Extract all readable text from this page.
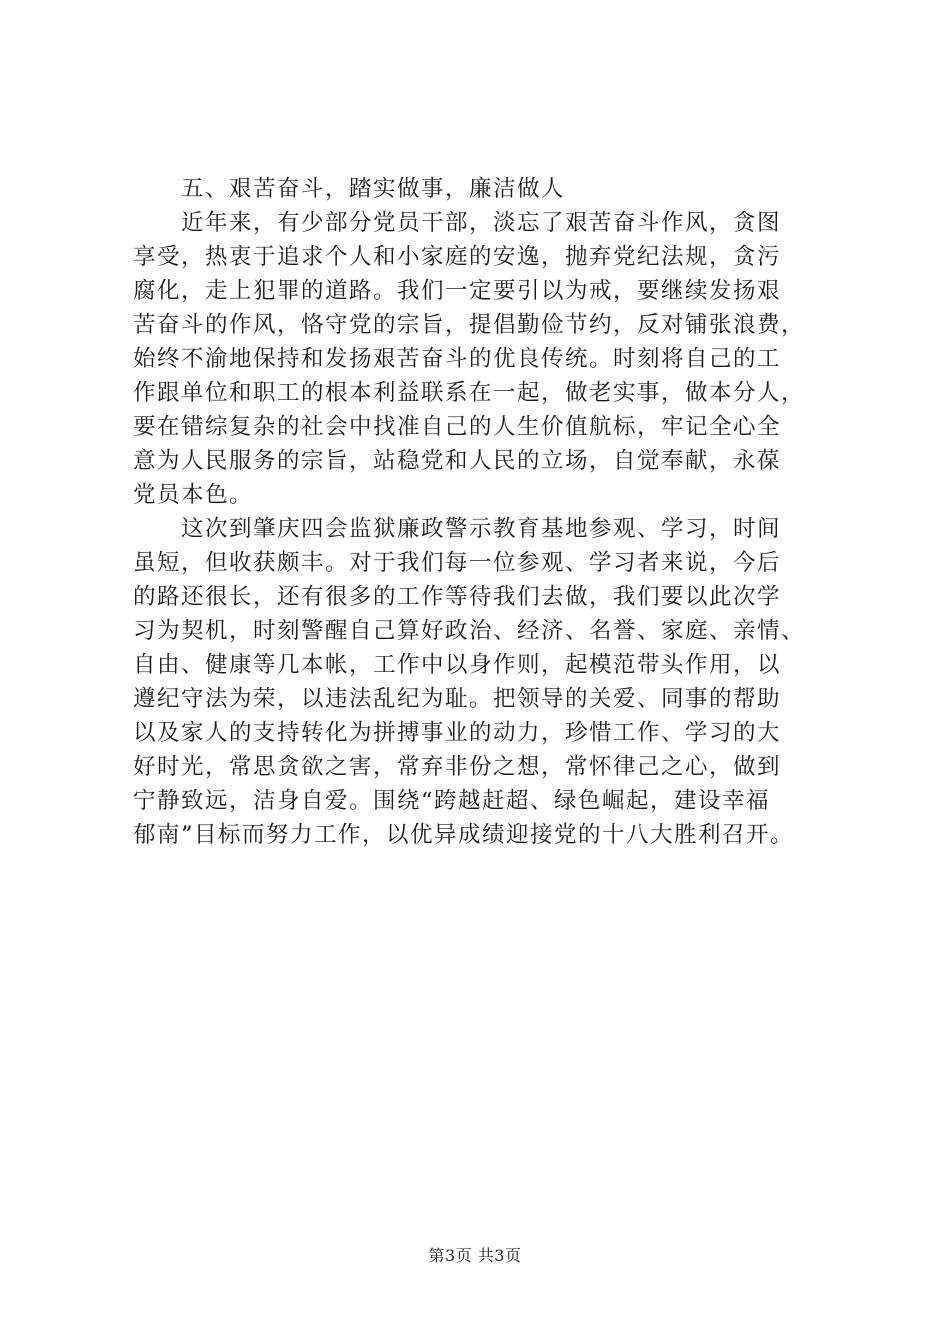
五、艰苦奋斗，踏实做事，廉洁做人
近年来，有少部分党员干部，淡忘了艰苦奋斗作风，贪图
享受，热衷于追求个人和小家庭的安逸，抛弃党纪法规，贪污
腐化，走上犯罪的道路。我们一定要引以为戒，要继续发扬艰
苦奋斗的作风，恪守党的宗旨，提倡勤俭节约，反对铺张浪费，
始终不渝地保持和发扬艰苦奋斗的优良传统。时刻将自己的工
作跟单位和职工的根本利益联系在一起，做老实事，做本分人，
要在错综复杂的社会中找准自己的人生价值航标，牢记全心全
意为人民服务的宗旨，站稳党和人民的立场，自觉奉献，永葆
党员本色。
这次到肇庆四会监狱廉政警示教育基地参观、学习，时间
虽短，但收获颇丰。对于我们每一位参观、学习者来说，今后
的路还很长，还有很多的工作等待我们去做，我们要以此次学
习为契机，时刻警醒自己算好政治、经济、名誉、家庭、亲情、
自由、健康等几本帐，工作中以身作则，起模范带头作用，以
遵纪守法为荣，以违法乱纪为耻。把领导的关爱、同事的帮助
以及家人的支持转化为拼搏事业的动力，珍惜工作、学习的大
好时光，常思贪欲之害，常弃非份之想，常怀律己之心，做到
宁静致远，洁身自爱。围绕“跨越赶超、绿色崛起，建设幸福
郁南”目标而努力工作，以优异成绩迎接党的十八大胜利召开。
第3页 共3页
